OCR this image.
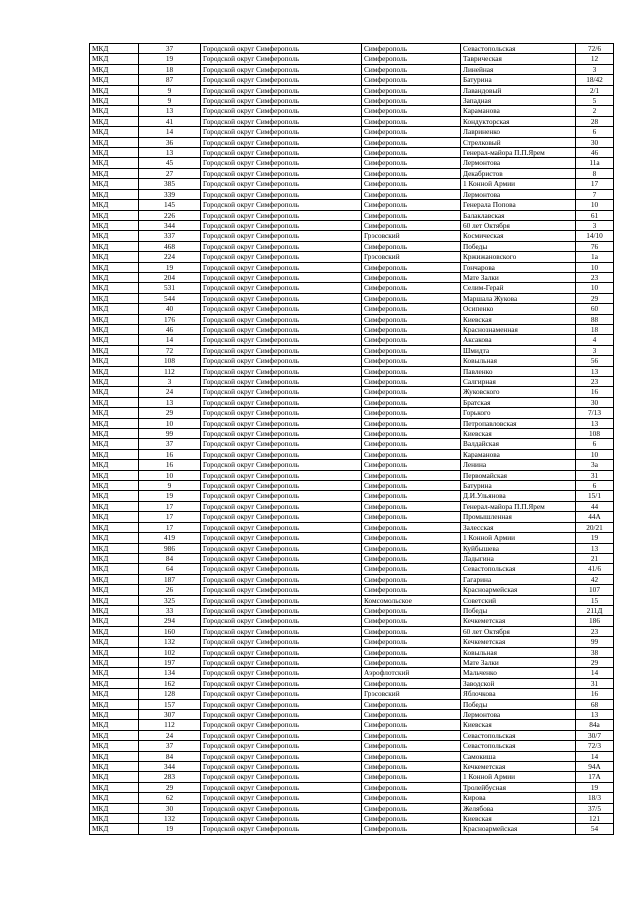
МКД	37	Городской округ Симферополь	Симферополь	Севастопольская	72/6
МКД	19	Городской округ Симферополь	Симферополь	Таврическая	12
МКД	18	Городской округ Симферополь	Симферополь	Линейная	3
МКД	87	Городской округ Симферополь	Симферополь	Батурина	18/42
МКД	9	Городской округ Симферополь	Симферополь	Лавандовый	2/1
МКД	9	Городской округ Симферополь	Симферополь	Западная	5
МКД	13	Городской округ Симферополь	Симферополь	Караманова	2
МКД	41	Городской округ Симферополь	Симферополь	Кондукторская	28
МКД	14	Городской округ Симферополь	Симферополь	Лавриненко	6
МКД	36	Городской округ Симферополь	Симферополь	Стрелковый	30
МКД	13	Городской округ Симферополь	Симферополь	Генерал-майора П.П.Ярем	46
МКД	45	Городской округ Симферополь	Симферополь	Лермонтова	11а
МКД	27	Городской округ Симферополь	Симферополь	Декабристов	8
МКД	385	Городской округ Симферополь	Симферополь	1 Конной Армии	17
МКД	339	Городской округ Симферополь	Симферополь	Лермонтова	7
МКД	145	Городской округ Симферополь	Симферополь	Генерала Попова	10
МКД	226	Городской округ Симферополь	Симферополь	Балаклавская	61
МКД	344	Городской округ Симферополь	Симферополь	60 лет Октября	3
МКД	337	Городской округ Симферополь	Грэсовский	Космическая	14/10
МКД	468	Городской округ Симферополь	Симферополь	Победы	76
МКД	224	Городской округ Симферополь	Грэсовский	Кржижановского	1а
МКД	19	Городской округ Симферополь	Симферополь	Гончарова	10
МКД	204	Городской округ Симферополь	Симферополь	Мате Залки	23
МКД	531	Городской округ Симферополь	Симферополь	Селим-Герай	10
МКД	544	Городской округ Симферополь	Симферополь	Маршала Жукова	29
МКД	40	Городской округ Симферополь	Симферополь	Осипенко	60
МКД	176	Городской округ Симферополь	Симферополь	Киевская	88
МКД	46	Городской округ Симферополь	Симферополь	Краснознаменная	18
МКД	14	Городской округ Симферополь	Симферополь	Аксакова	4
МКД	72	Городской округ Симферополь	Симферополь	Шмидта	3
МКД	108	Городской округ Симферополь	Симферополь	Ковыльная	56
МКД	112	Городской округ Симферополь	Симферополь	Павленко	13
МКД	3	Городской округ Симферополь	Симферополь	Салгирная	23
МКД	24	Городской округ Симферополь	Симферополь	Жуковского	16
МКД	13	Городской округ Симферополь	Симферополь	Братская	30
МКД	29	Городской округ Симферополь	Симферополь	Горького	7/13
МКД	10	Городской округ Симферополь	Симферополь	Петропавловская	13
МКД	99	Городской округ Симферополь	Симферополь	Киевская	108
МКД	37	Городской округ Симферополь	Симферополь	Валдайская	6
МКД	16	Городской округ Симферополь	Симферополь	Караманова	10
МКД	16	Городской округ Симферополь	Симферополь	Ленина	3а
МКД	10	Городской округ Симферополь	Симферополь	Первомайская	31
МКД	9	Городской округ Симферополь	Симферополь	Батурина	6
МКД	19	Городской округ Симферополь	Симферополь	Д.И.Ульянова	15/1
МКД	17	Городской округ Симферополь	Симферополь	Генерал-майора П.П.Ярем	44
МКД	17	Городской округ Симферополь	Симферополь	Промышленная	44А
МКД	17	Городской округ Симферополь	Симферополь	Залесская	20/21
МКД	419	Городской округ Симферополь	Симферополь	1 Конной Армии	19
МКД	986	Городской округ Симферополь	Симферополь	Куйбышева	13
МКД	84	Городской округ Симферополь	Симферополь	Ладыгина	21
МКД	64	Городской округ Симферополь	Симферополь	Севастопольская	41/6
МКД	187	Городской округ Симферополь	Симферополь	Гагарина	42
МКД	26	Городской округ Симферополь	Симферополь	Красноармейская	107
МКД	325	Городской округ Симферополь	Комсомольское	Советский	15
МКД	33	Городской округ Симферополь	Симферополь	Победы	211Д
МКД	294	Городской округ Симферополь	Симферополь	Кечкеметская	186
МКД	160	Городской округ Симферополь	Симферополь	60 лет Октября	23
МКД	132	Городской округ Симферополь	Симферополь	Кечкеметская	99
МКД	102	Городской округ Симферополь	Симферополь	Ковыльная	38
МКД	197	Городской округ Симферополь	Симферополь	Мате Залки	29
МКД	134	Городской округ Симферополь	Аэрофлотский	Мальченко	14
МКД	162	Городской округ Симферополь	Симферополь	Заводской	31
МКД	128	Городской округ Симферополь	Грэсовский	Яблочкова	16
МКД	157	Городской округ Симферополь	Симферополь	Победы	68
МКД	307	Городской округ Симферополь	Симферополь	Лермонтова	13
МКД	112	Городской округ Симферополь	Симферополь	Киевская	84а
МКД	24	Городской округ Симферополь	Симферополь	Севастопольская	30/7
МКД	37	Городской округ Симферополь	Симферополь	Севастопольская	72/3
МКД	84	Городской округ Симферополь	Симферополь	Самокиша	14
МКД	344	Городской округ Симферополь	Симферополь	Кечкеметская	94А
МКД	283	Городской округ Симферополь	Симферополь	1 Конной Армии	17А
МКД	29	Городской округ Симферополь	Симферополь	Тролейбусная	19
МКД	62	Городской округ Симферополь	Симферополь	Кирова	18/3
МКД	30	Городской округ Симферополь	Симферополь	Желябова	37/5
МКД	132	Городской округ Симферополь	Симферополь	Киевская	121
МКД	19	Городской округ Симферополь	Симферополь	Красноармейская	54
